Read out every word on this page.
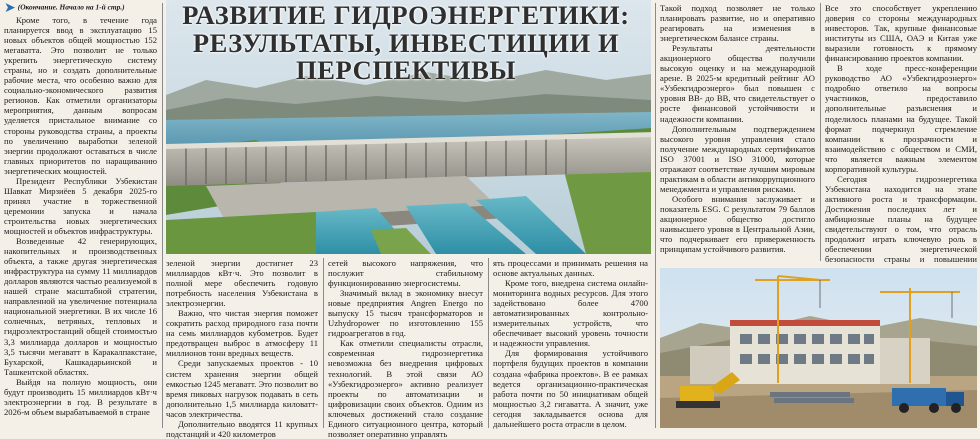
➤ (Окончание. Начало на 1-й стр.)

Кроме того, в течение года планируется ввод в эксплуатацию 15 новых объектов общей мощностью 152 мегаватта. Это позволит не только укрепить энергетическую систему страны, но и создать дополнительные рабочие места, что особенно важно для социально-экономического развития регионов. Как отметили организаторы мероприятия, данным вопросам уделяется пристальное внимание со стороны руководства страны, а проекты по увеличению выработки зеленой энергии продолжают оставаться в числе главных приоритетов по наращиванию энергетических мощностей.

Президент Республики Узбекистан Шавкат Мирзиёев 5 декабря 2025-го принял участие в торжественной церемонии запуска и начала строительства новых энергетических мощностей и объектов инфраструктуры.

Возведенные 42 генерирующих, накопительных и производственных объекта, а также другая энергетическая инфраструктура на сумму 11 миллиардов долларов являются частью реализуемой в нашей стране масштабной стратегии, направленной на увеличение потенциала национальной энергетики. В их числе 16 солнечных, ветряных, тепловых и гидроэлектростанций общей стоимостью 3,3 миллиарда долларов и мощностью 3,5 тысячи мегаватт в Каракалпакстане, Бухарской, Кашкадарьинской и Ташкентской областях.

Выйдя на полную мощность, они будут производить 15 миллиардов кВт·ч электроэнергии в год. В результате в 2026-м объем вырабатываемой в стране

РАЗВИТИЕ ГИДРОЭНЕРГЕТИКИ: РЕЗУЛЬТАТЫ, ИНВЕСТИЦИИ И ПЕРСПЕКТИВЫ

зеленой энергии достигнет 23 миллиардов кВт·ч. Это позволит в полной мере обеспечить годовую потребность населения Узбекистана в электроэнергии.

Важно, что чистая энергия поможет сократить расход природного газа почти на семь миллиардов кубометров. Будет предотвращен выброс в атмосферу 11 миллионов тонн вредных веществ.

Среди запускаемых проектов - 10 систем хранения энергии общей емкостью 1245 мегаватт. Это позволит во время пиковых нагрузок подавать в сеть дополнительно 1,5 миллиарда киловатт-часов электричества.

Дополнительно вводятся 11 крупных подстанций и 420 километров

сетей высокого напряжения, что послужит стабильному функционированию энергосистемы.

Значимый вклад в экономику внесут новые предприятия Angren Energo по выпуску 15 тысяч трансформаторов и Uzhydropower по изготовлению 155 гидроагрегатов в год.

Как отметили специалисты отрасли, современная гидроэнергетика невозможна без внедрения цифровых технологий. В этой связи АО «Узбекгидроэнерго» активно реализует проекты по автоматизации и цифровизации своих объектов. Одним из ключевых достижений стало создание Единого ситуационного центра, который позволяет оперативно управлять

ять процессами и принимать решения на основе актуальных данных.

Кроме того, внедрена система онлайн-мониторинга водных ресурсов. Для этого задействовано более 4700 автоматизированных контрольно-измерительных устройств, что обеспечивает высокий уровень точности и надежности управления.

Для формирования устойчивого портфеля будущих проектов в компании создана «фабрика проектов». В ее рамках ведется организационно-практическая работа почти по 50 инициативам общей мощностью 3,2 гигаватта. А значит, уже сегодня закладывается основа для дальнейшего роста отрасли в целом.

Такой подход позволяет не только планировать развитие, но и оперативно реагировать на изменения в энергетическом балансе страны.

Результаты деятельности акционерного общества получили высокую оценку и на международной арене. В 2025-м кредитный рейтинг АО «Узбекгидроэнерго» был повышен с уровня BB- до BB, что свидетельствует о росте финансовой устойчивости и надежности компании.

Дополнительным подтверждением высокого уровня управления стало получение международных сертификатов ISO 37001 и ISO 31000, которые отражают соответствие лучшим мировым практикам в области антикоррупционного менеджмента и управления рисками.

Особого внимания заслуживает и показатель ESG. С результатом 79 баллов акционерное общество достигло наивысшего уровня в Центральной Азии, что подчеркивает его приверженность принципам устойчивого развития.

Все это способствует укреплению доверия со стороны международных инвесторов. Так, крупные финансовые институты из США, ОАЭ и Китая уже выразили готовность к прямому финансированию проектов компании.

В ходе пресс-конференции руководство АО «Узбекгидроэнерго» подробно ответило на вопросы участников, предоставило дополнительные разъяснения и поделилось планами на будущее. Такой формат подчеркнул стремление компании к прозрачности и взаимодействию с обществом и СМИ, что является важным элементом корпоративной культуры.

Сегодня гидроэнергетика Узбекистана находится на этапе активного роста и трансформации. Достижения последних лет и амбициозные планы на будущее свидетельствуют о том, что отрасль продолжит играть ключевую роль в обеспечении энергетической безопасности страны и повышении
